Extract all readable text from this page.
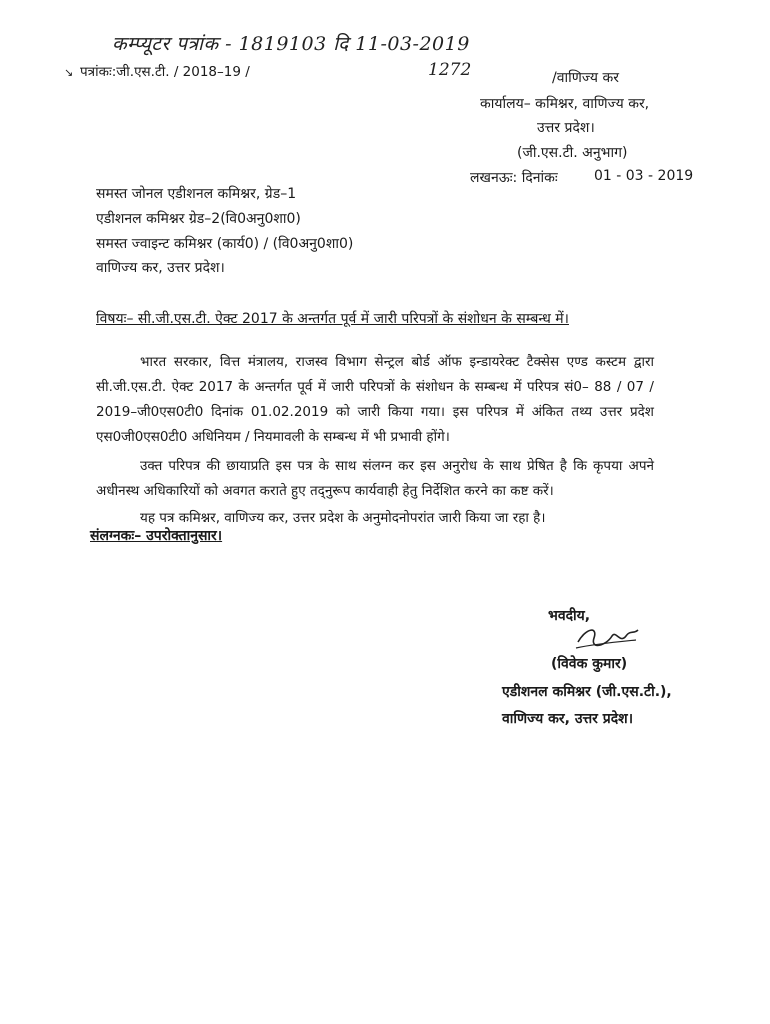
कम्प्यूटर पत्रांक - 1819103 दि 11-03-2019
1272
↘ पत्रांकः:जी.एस.टी. / 2018–19 /	/वाणिज्य कर
कार्यालय– कमिश्नर, वाणिज्य कर,
उत्तर प्रदेश।
(जी.एस.टी. अनुभाग)
लखनऊः: दिनांकः	01 - 03 - 2019
समस्त जोनल एडीशनल कमिश्नर, ग्रेड–1
एडीशनल कमिश्नर ग्रेड–2(वि0अनु0शा0)
समस्त ज्वाइन्ट कमिश्नर (कार्य0) / (वि0अनु0शा0)
वाणिज्य कर, उत्तर प्रदेश।
विषयः– सी.जी.एस.टी. ऐक्ट 2017 के अन्तर्गत पूर्व में जारी परिपत्रों के संशोधन के सम्बन्ध में।
भारत सरकार, वित्त मंत्रालय, राजस्व विभाग सेन्ट्रल बोर्ड ऑफ इन्डायरेक्ट टैक्सेस एण्ड कस्टम द्वारा सी.जी.एस.टी. ऐक्ट 2017 के अन्तर्गत पूर्व में जारी परिपत्रों के संशोधन के सम्बन्ध में परिपत्र सं0– 88 / 07 / 2019–जी0एस0टी0 दिनांक 01.02.2019 को जारी किया गया। इस परिपत्र में अंकित तथ्य उत्तर प्रदेश एस0जी0एस0टी0 अधिनियम / नियमावली के सम्बन्ध में भी प्रभावी होंगे।
उक्त परिपत्र की छायाप्रति इस पत्र के साथ संलग्न कर इस अनुरोध के साथ प्रेषित है कि कृपया अपने अधीनस्थ अधिकारियों को अवगत कराते हुए तद्नुरूप कार्यवाही हेतु निर्देशित करने का कष्ट करें।
यह पत्र कमिश्नर, वाणिज्य कर, उत्तर प्रदेश के अनुमोदनोपरांत जारी किया जा रहा है।
संलग्नकः– उपरोक्तानुसार।
भवदीय,
(विवेक कुमार)
एडीशनल कमिश्नर (जी.एस.टी.),
वाणिज्य कर, उत्तर प्रदेश।
